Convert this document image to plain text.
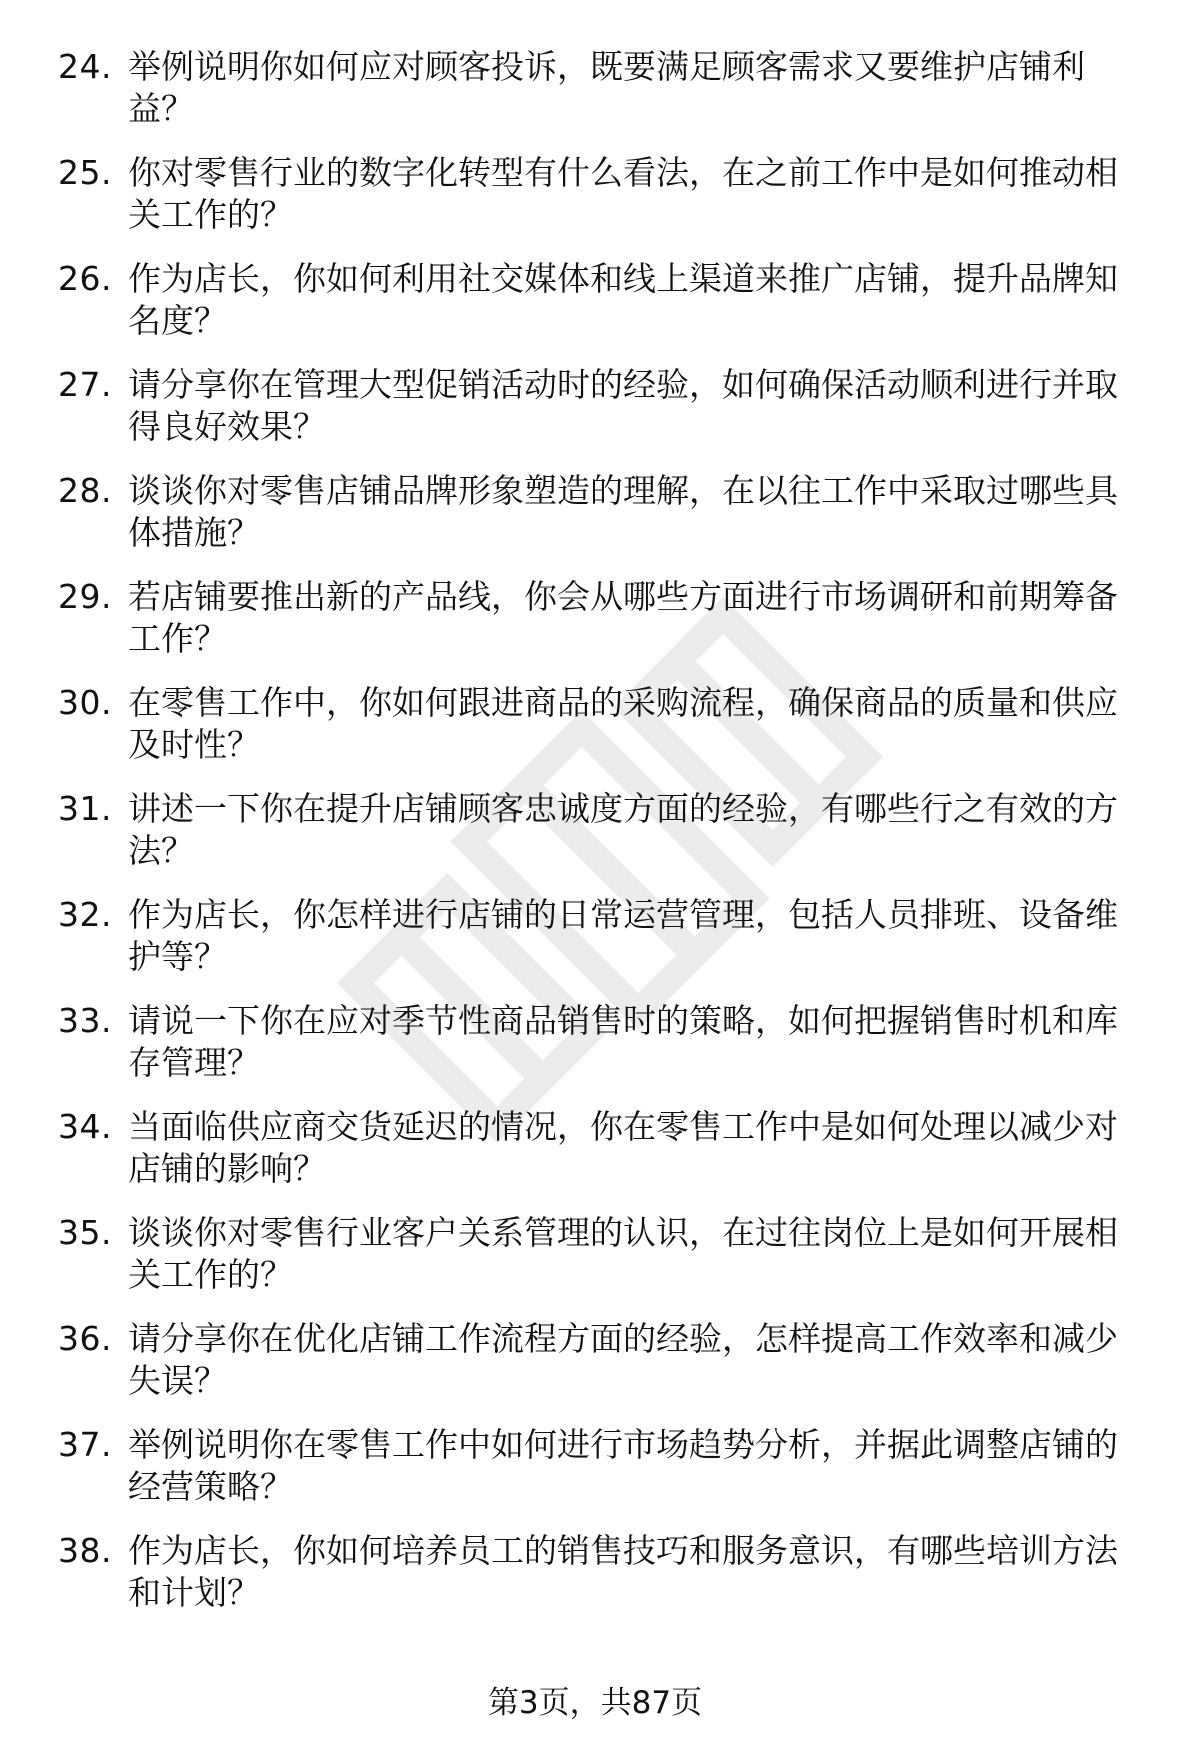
24. 举例说明你如何应对顾客投诉，既要满足顾客需求又要维护店铺利益？
25. 你对零售行业的数字化转型有什么看法，在之前工作中是如何推动相关工作的？
26. 作为店长，你如何利用社交媒体和线上渠道来推广店铺，提升品牌知名度？
27. 请分享你在管理大型促销活动时的经验，如何确保活动顺利进行并取得良好效果？
28. 谈谈你对零售店铺品牌形象塑造的理解，在以往工作中采取过哪些具体措施？
29. 若店铺要推出新的产品线，你会从哪些方面进行市场调研和前期筹备工作？
30. 在零售工作中，你如何跟进商品的采购流程，确保商品的质量和供应及时性？
31. 讲述一下你在提升店铺顾客忠诚度方面的经验，有哪些行之有效的方法？
32. 作为店长，你怎样进行店铺的日常运营管理，包括人员排班、设备维护等？
33. 请说一下你在应对季节性商品销售时的策略，如何把握销售时机和库存管理？
34. 当面临供应商交货延迟的情况，你在零售工作中是如何处理以减少对店铺的影响？
35. 谈谈你对零售行业客户关系管理的认识，在过往岗位上是如何开展相关工作的？
36. 请分享你在优化店铺工作流程方面的经验，怎样提高工作效率和减少失误？
37. 举例说明你在零售工作中如何进行市场趋势分析，并据此调整店铺的经营策略？
38. 作为店长，你如何培养员工的销售技巧和服务意识，有哪些培训方法和计划？
第3页，共87页
